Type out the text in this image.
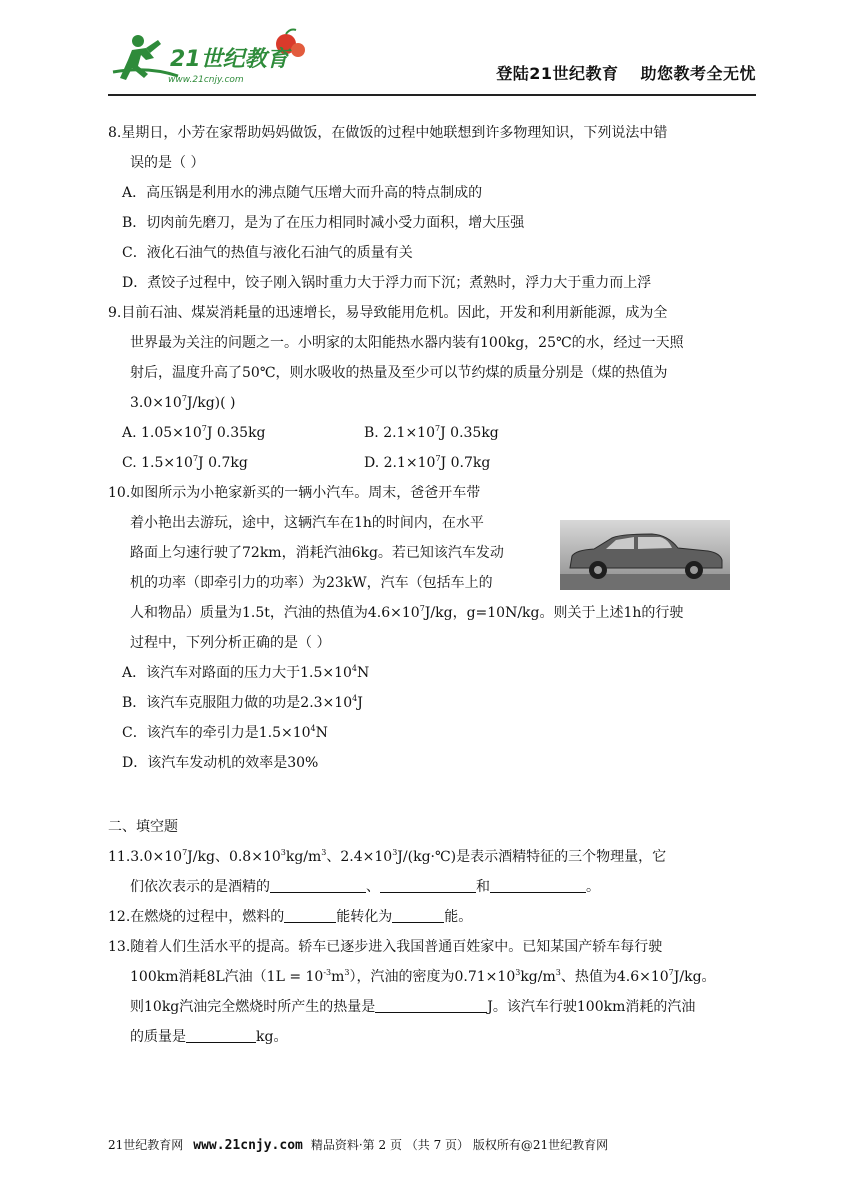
21世纪教育
www.21cnjy.com	登陆21世纪教育 助您教考全无忧
8.星期日，小芳在家帮助妈妈做饭，在做饭的过程中她联想到许多物理知识，下列说法中错
误的是（ ）
A．高压锅是利用水的沸点随气压增大而升高的特点制成的
B．切肉前先磨刀，是为了在压力相同时减小受力面积，增大压强
C．液化石油气的热值与液化石油气的质量有关
D．煮饺子过程中，饺子刚入锅时重力大于浮力而下沉；煮熟时，浮力大于重力而上浮
9.目前石油、煤炭消耗量的迅速增长，易导致能用危机。因此，开发和利用新能源，成为全
世界最为关注的问题之一。小明家的太阳能热水器内装有100kg，25℃的水，经过一天照
射后，温度升高了50℃，则水吸收的热量及至少可以节约煤的质量分别是（煤的热值为
$3.0\times 10^7J/kg$)( )
A. $1.05\times 10^7J$ 0.35kg	B. $2.1\times 10^7J$ 0.35kg
C. $1.5\times 10^7J$ 0.7kg	D. $2.1\times 10^7J$ 0.7kg
10.如图所示为小艳家新买的一辆小汽车。周末，爸爸开车带
着小艳出去游玩，途中，这辆汽车在1h的时间内，在水平
路面上匀速行驶了72km，消耗汽油6kg。若已知该汽车发动
机的功率（即牵引力的功率）为23kW，汽车（包括车上的
人和物品）质量为1.5t，汽油的热值为$4.6\times 10^7J/kg$，g=10N/kg。则关于上述1h的行驶
过程中，下列分析正确的是（ ）
A．该汽车对路面的压力大于$1.5\times 10^4N$
B．该汽车克服阻力做的功是$2.3\times 10^4J$
C．该汽车的牵引力是$1.5\times 10^4N$
D．该汽车发动机的效率是30%
二、填空题
$11.3.0\times 10^7J/kg$、$0.8\times 10^3kg/m^3$、$2.4\times 10^3J/(kg\cdot℃)$是表示酒精特征的三个物理量，它
们依次表示的是酒精的	、	和	。
12.在燃烧的过程中，燃料的	能转化为	能。
13.随着人们生活水平的提高。轿车已逐步进入我国普通百姓家中。已知某国产轿车每行驶
100km消耗8L汽油$(1L = 10^{-3}m^3)$，汽油的密度为$0.71\times 10^3kg/m^3$、热值为$4.6\times 10^7J/kg$。
则10kg汽油完全燃烧时所产生的热量是	J。该汽车行驶100km消耗的汽油
的质量是	kg。
21世纪教育网 www.21cnjy.com 精品资料·第 2 页 （共 7 页） 版权所有@21世纪教育网
